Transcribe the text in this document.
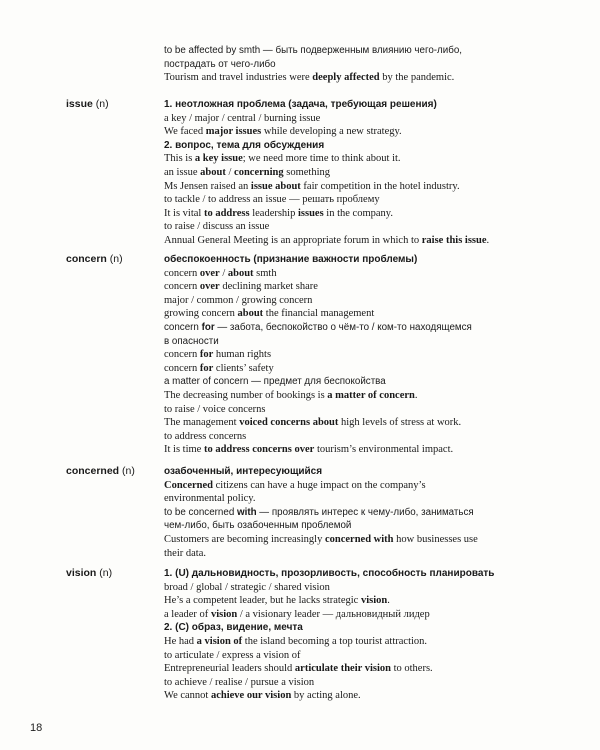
to be affected by smth — быть подверженным влиянию чего-либо,
пострадать от чего-либо
Tourism and travel industries were deeply affected by the pandemic.
issue (n)	1. неотложная проблема (задача, требующая решения)
a key / major / central / burning issue
We faced major issues while developing a new strategy.
2. вопрос, тема для обсуждения
This is a key issue; we need more time to think about it.
an issue about / concerning something
Ms Jensen raised an issue about fair competition in the hotel industry.
to tackle / to address an issue — решать проблему
It is vital to address leadership issues in the company.
to raise / discuss an issue
Annual General Meeting is an appropriate forum in which to raise this issue.
concern (n)	обеспокоенность (признание важности проблемы)
concern over / about smth
concern over declining market share
major / common / growing concern
growing concern about the financial management
concern for — забота, беспокойство о чём-то / ком-то находящемся
в опасности
concern for human rights
concern for clients’ safety
a matter of concern — предмет для беспокойства
The decreasing number of bookings is a matter of concern.
to raise / voice concerns
The management voiced concerns about high levels of stress at work.
to address concerns
It is time to address concerns over tourism’s environmental impact.
concerned (n)	озабоченный, интересующийся
Concerned citizens can have a huge impact on the company’s
environmental policy.
to be concerned with — проявлять интерес к чему-либо, заниматься
чем-либо, быть озабоченным проблемой
Customers are becoming increasingly concerned with how businesses use
their data.
vision (n)	1. (U) дальновидность, прозорливость, способность планировать
broad / global / strategic / shared vision
He’s a competent leader, but he lacks strategic vision.
a leader of vision / a visionary leader — дальновидный лидер
2. (С) образ, видение, мечта
He had a vision of the island becoming a top tourist attraction.
to articulate / express a vision of
Entrepreneurial leaders should articulate their vision to others.
to achieve / realise / pursue a vision
We cannot achieve our vision by acting alone.
18
